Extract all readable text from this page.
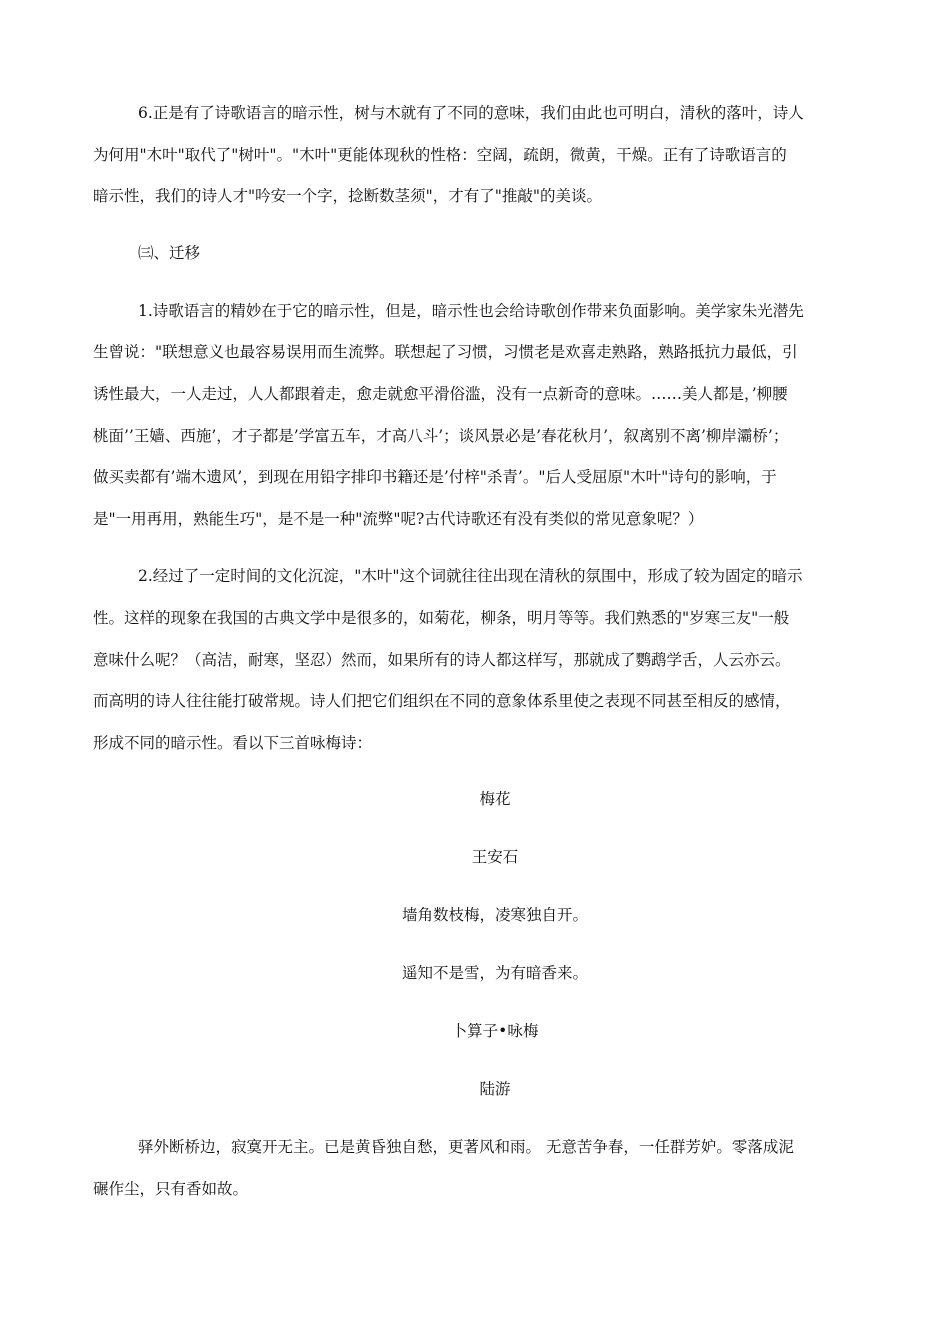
6.正是有了诗歌语言的暗示性，树与木就有了不同的意味，我们由此也可明白，清秋的落叶，诗人
为何用"木叶"取代了"树叶"。"木叶"更能体现秋的性格：空阔，疏朗，微黄，干燥。正有了诗歌语言的
暗示性，我们的诗人才"吟安一个字，捻断数茎须"，才有了"推敲"的美谈。
㈢、迁移
1.诗歌语言的精妙在于它的暗示性，但是，暗示性也会给诗歌创作带来负面影响。美学家朱光潜先
生曾说："联想意义也最容易误用而生流弊。联想起了习惯，习惯老是欢喜走熟路，熟路抵抗力最低，引
诱性最大，一人走过，人人都跟着走，愈走就愈平滑俗滥，没有一点新奇的意味。……美人都是，’柳腰
桃面’’王嫱、西施’，才子都是’学富五车，才高八斗’；谈风景必是’春花秋月’，叙离别不离’柳岸灞桥’；
做买卖都有’端木遗风’，到现在用铅字排印书籍还是’付梓"杀青’。"后人受屈原"木叶"诗句的影响，于
是"一用再用，熟能生巧"，是不是一种"流弊"呢?古代诗歌还有没有类似的常见意象呢？）
2.经过了一定时间的文化沉淀，"木叶"这个词就往往出现在清秋的氛围中，形成了较为固定的暗示
性。这样的现象在我国的古典文学中是很多的，如菊花，柳条，明月等等。我们熟悉的"岁寒三友"一般
意味什么呢？（高洁，耐寒，坚忍）然而，如果所有的诗人都这样写，那就成了鹦鹉学舌，人云亦云。
而高明的诗人往往能打破常规。诗人们把它们组织在不同的意象体系里使之表现不同甚至相反的感情，
形成不同的暗示性。看以下三首咏梅诗：
梅花
王安石
墙角数枝梅，凌寒独自开。
遥知不是雪，为有暗香来。
卜算子•咏梅
陆游
驿外断桥边，寂寞开无主。已是黄昏独自愁，更著风和雨。 无意苦争春，一任群芳妒。零落成泥
碾作尘，只有香如故。
